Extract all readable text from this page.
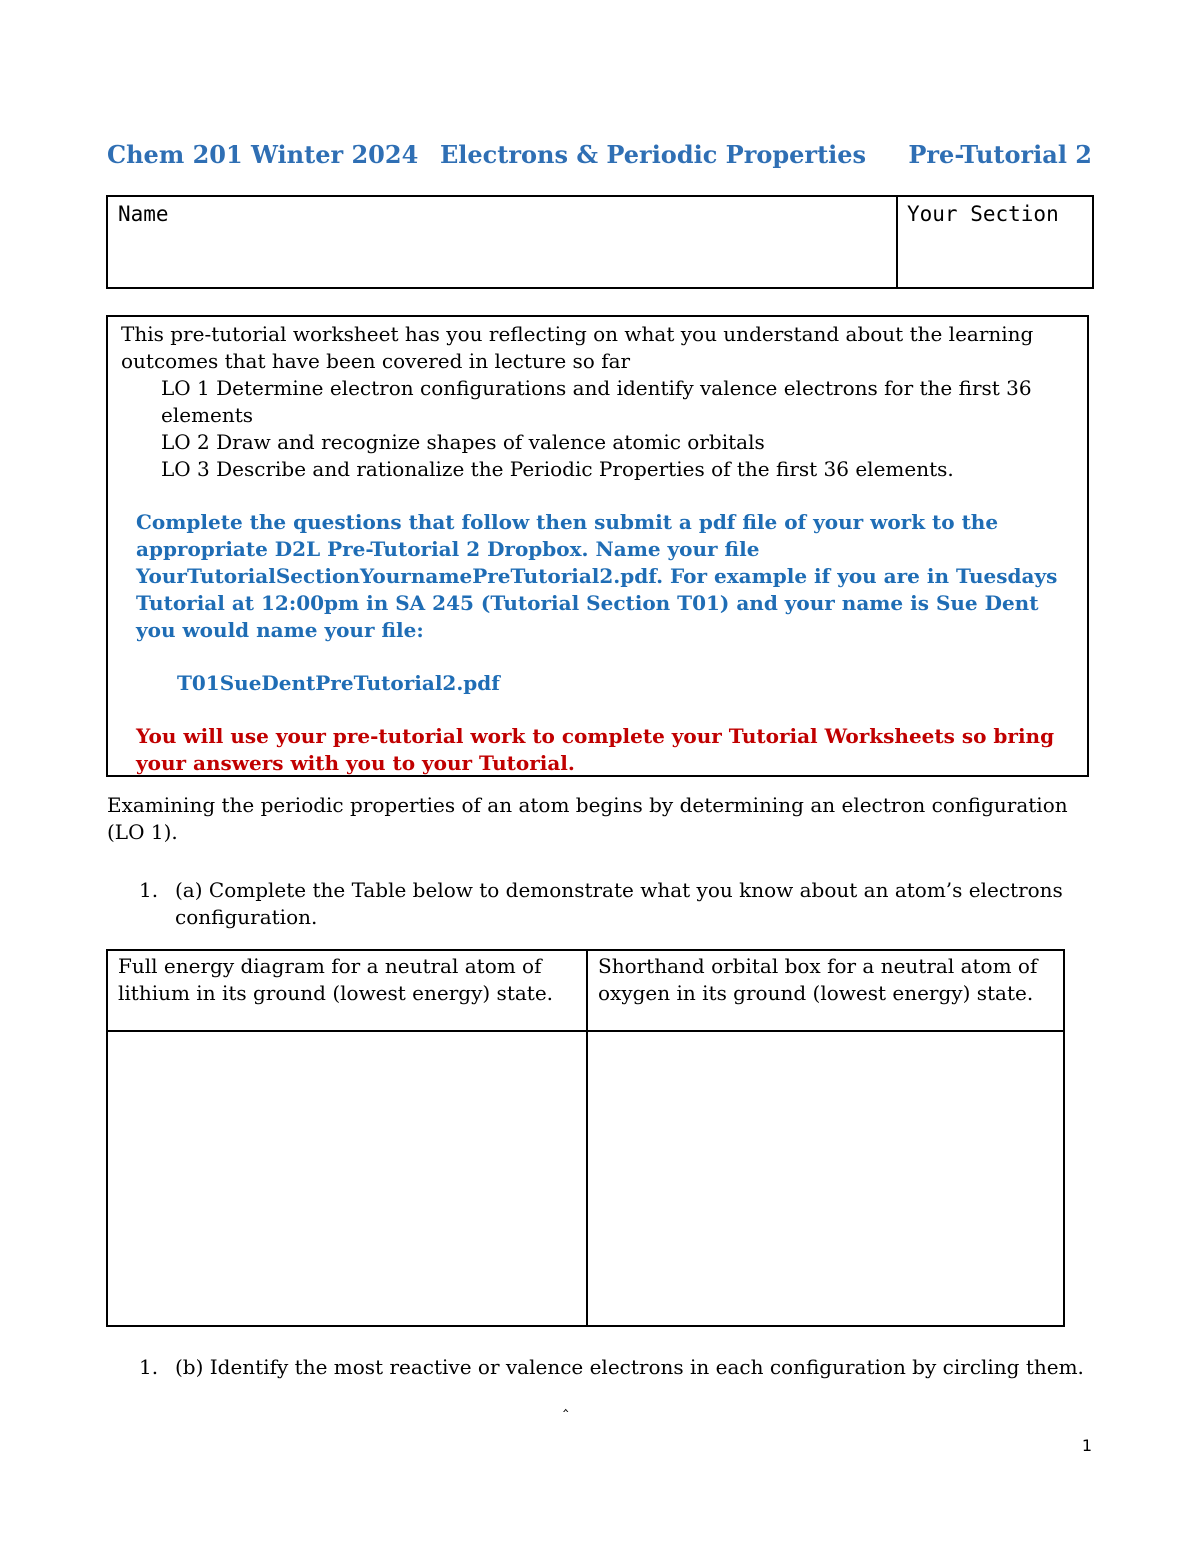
Chem 201 Winter 2024 Electrons & Periodic Properties Pre-Tutorial 2
Name	Your Section

This pre-tutorial worksheet has you reflecting on what you understand about the learning outcomes that have been covered in lecture so far

LO 1 Determine electron configurations and identify valence electrons for the first 36 elements

LO 2 Draw and recognize shapes of valence atomic orbitals

LO 3 Describe and rationalize the Periodic Properties of the first 36 elements.

Complete the questions that follow then submit a pdf file of your work to the appropriate D2L Pre-Tutorial 2 Dropbox. Name your file YourTutorialSectionYournamePreTutorial2.pdf. For example if you are in Tuesdays Tutorial at 12:00pm in SA 245 (Tutorial Section T01) and your name is Sue Dent you would name your file:

T01SueDentPreTutorial2.pdf

You will use your pre-tutorial work to complete your Tutorial Worksheets so bring your answers with you to your Tutorial.

Examining the periodic properties of an atom begins by determining an electron configuration (LO 1).
1. (a) Complete the Table below to demonstrate what you know about an atom’s electrons configuration.
Full energy diagram for a neutral atom of lithium in its ground (lowest energy) state.
Shorthand orbital box for a neutral atom of oxygen in its ground (lowest energy) state.
1. (b) Identify the most reactive or valence electrons in each configuration by circling them.
‸
1
